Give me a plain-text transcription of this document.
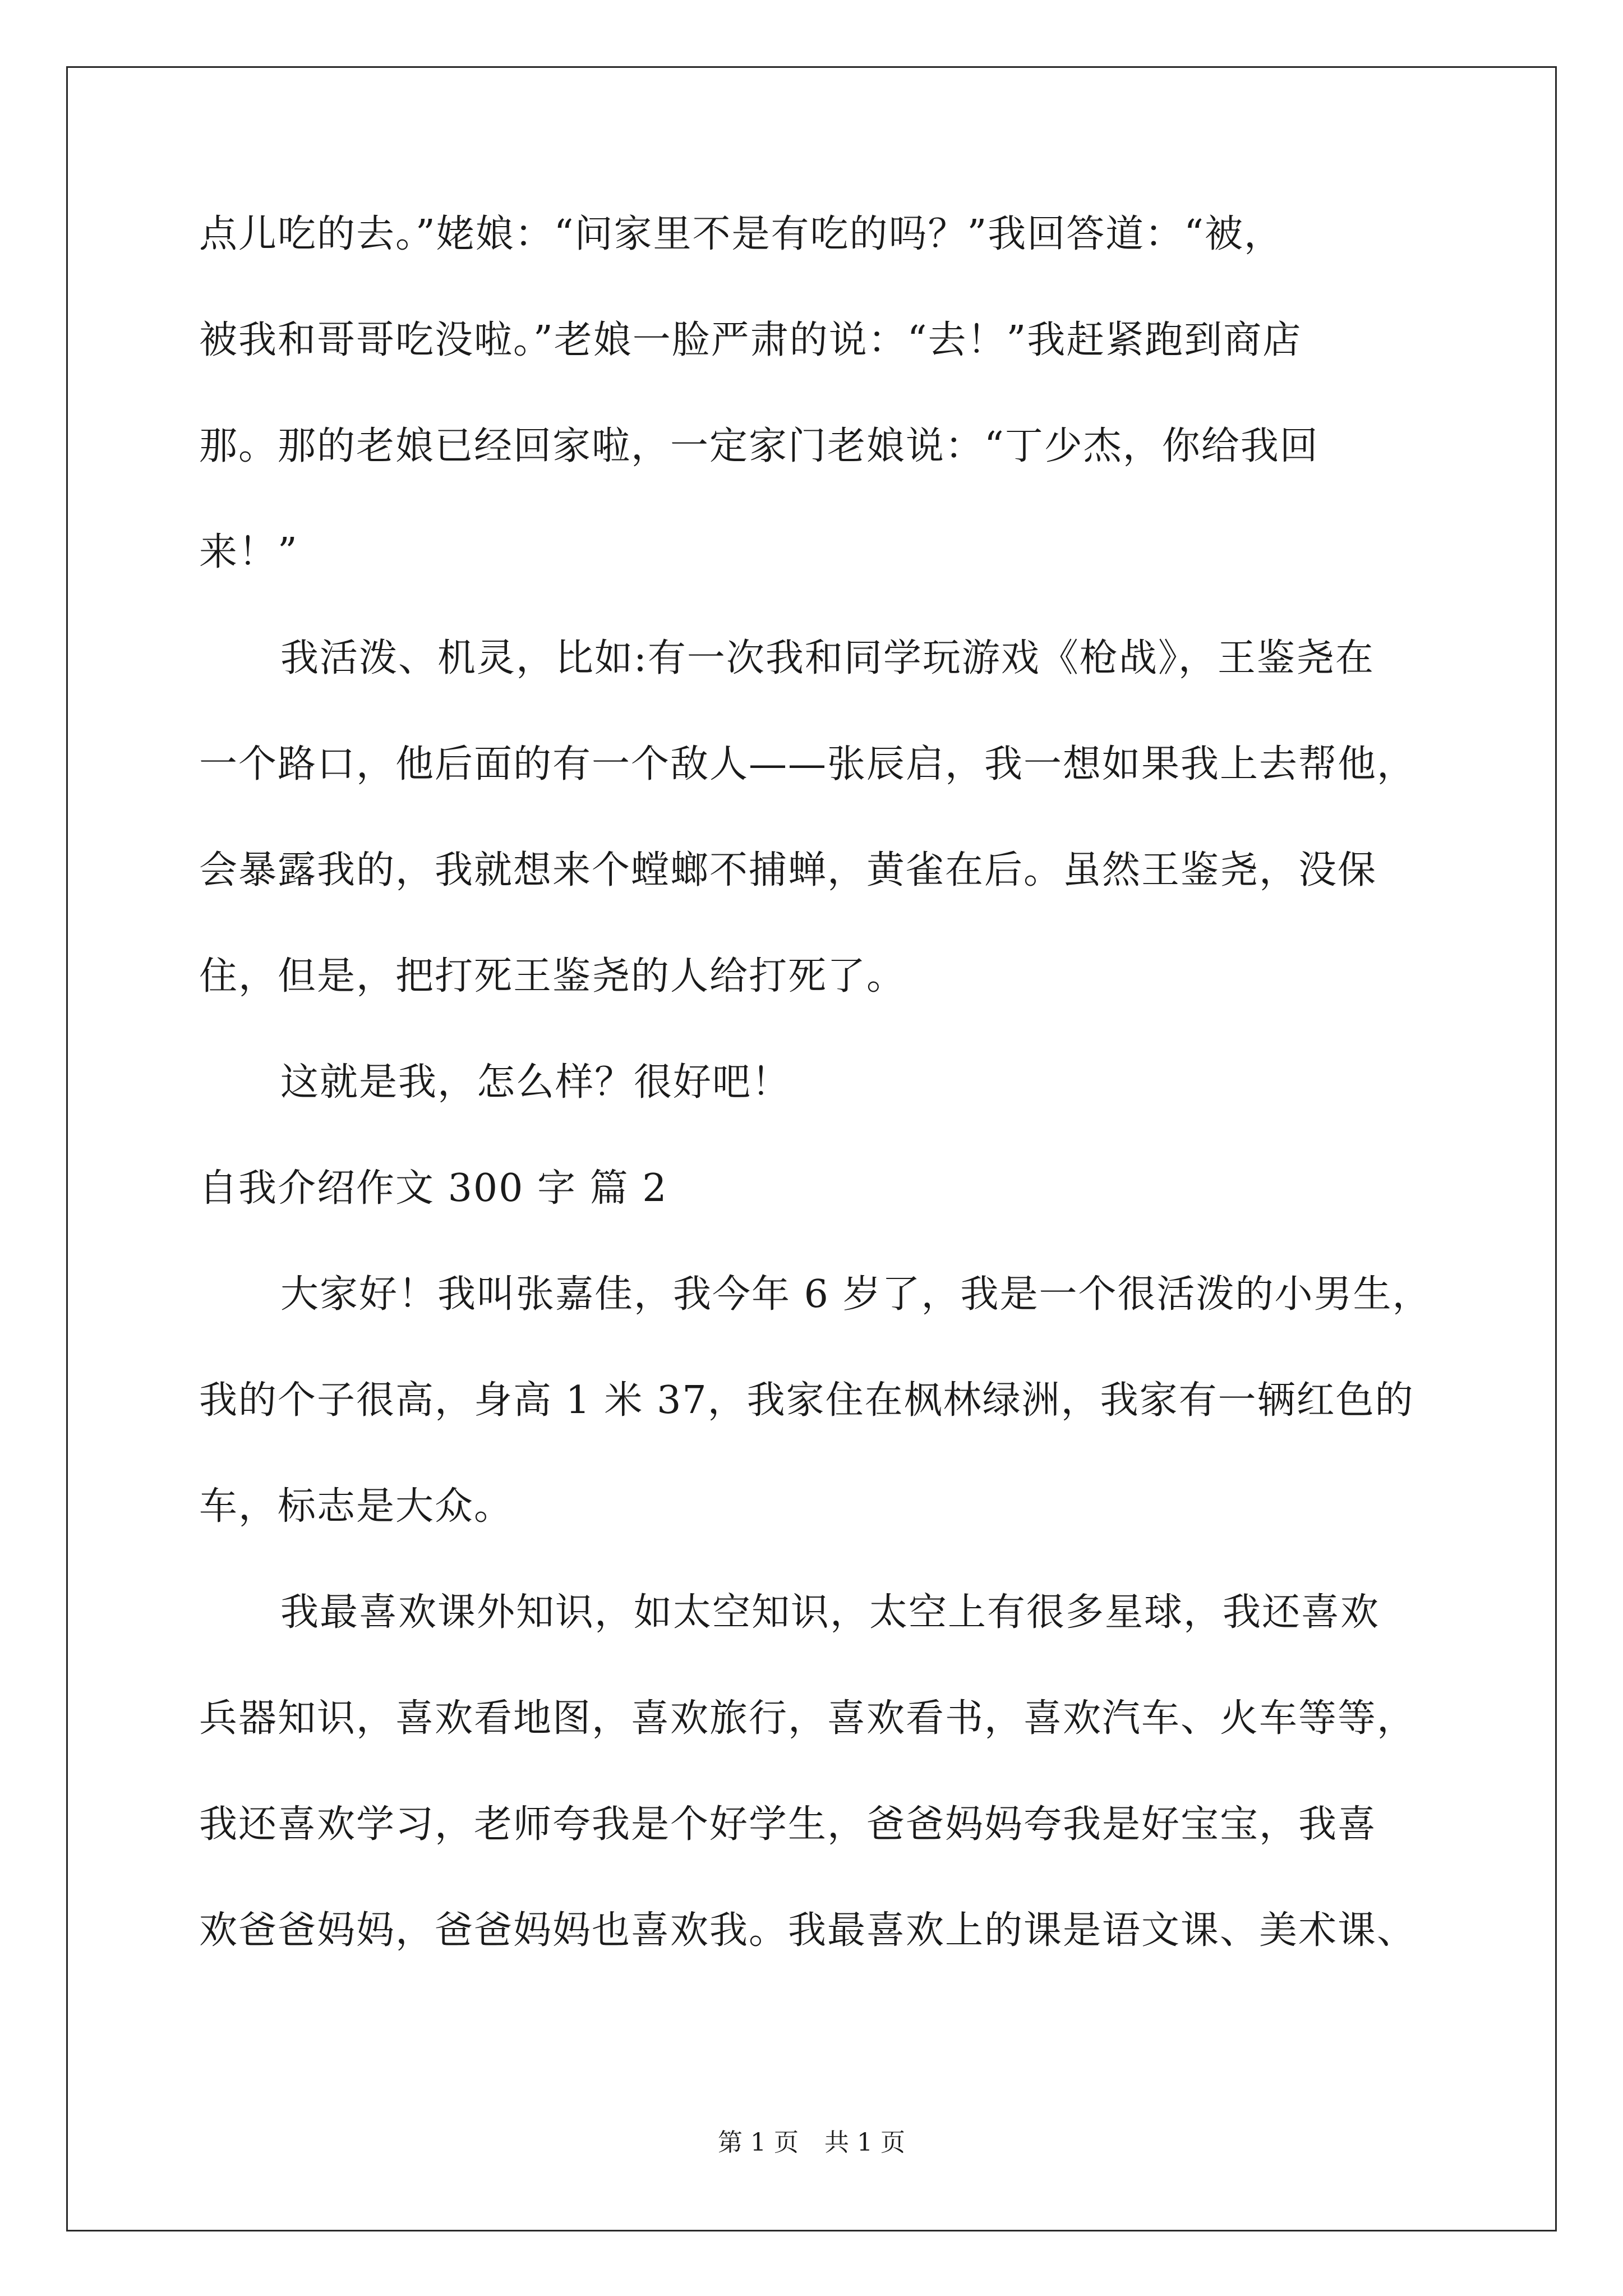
点儿吃的去。”姥娘：“问家里不是有吃的吗？”我回答道：“被，
被我和哥哥吃没啦。”老娘一脸严肃的说：“去！”我赶紧跑到商店
那。那的老娘已经回家啦，一定家门老娘说：“丁少杰，你给我回
来！”
我活泼、机灵，比如:有一次我和同学玩游戏《枪战》，王鉴尧在
一个路口，他后面的有一个敌人——张辰启，我一想如果我上去帮他，
会暴露我的，我就想来个螳螂不捕蝉，黄雀在后。虽然王鉴尧，没保
住，但是，把打死王鉴尧的人给打死了。
这就是我，怎么样？很好吧！
自我介绍作文 300 字 篇 2
大家好！我叫张嘉佳，我今年 6 岁了，我是一个很活泼的小男生，
我的个子很高，身高 1 米 37，我家住在枫林绿洲，我家有一辆红色的
车，标志是大众。
我最喜欢课外知识，如太空知识，太空上有很多星球，我还喜欢
兵器知识，喜欢看地图，喜欢旅行，喜欢看书，喜欢汽车、火车等等，
我还喜欢学习，老师夸我是个好学生，爸爸妈妈夸我是好宝宝，我喜
欢爸爸妈妈，爸爸妈妈也喜欢我。我最喜欢上的课是语文课、美术课、
第 1 页 共 1 页
